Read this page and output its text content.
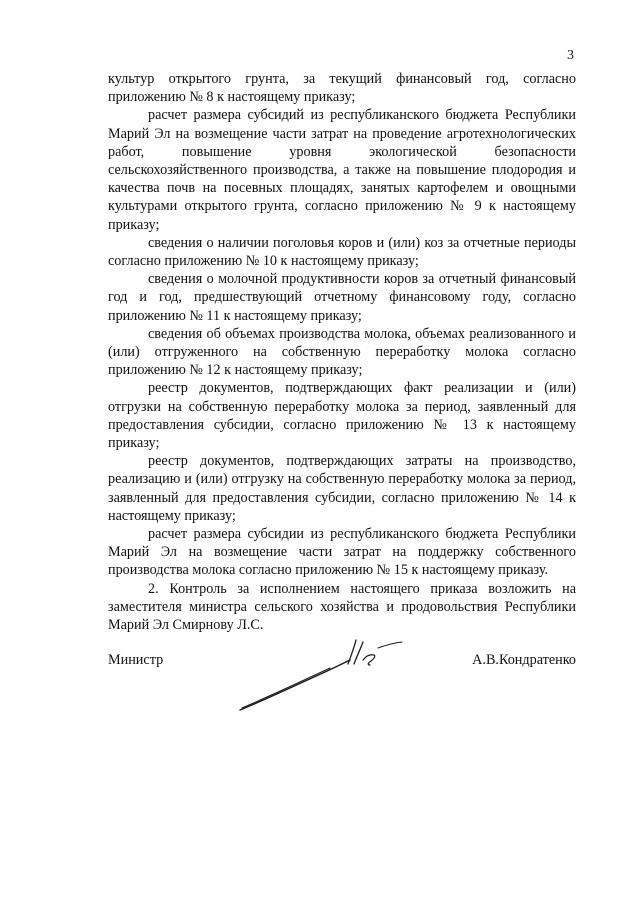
3

культур открытого грунта, за текущий финансовый год, согласно приложению № 8 к настоящему приказу;

расчет размера субсидий из республиканского бюджета Республики Марий Эл на возмещение части затрат на проведение агротехнологических работ, повышение уровня экологической безопасности сельскохозяйственного производства, а также на повышение плодородия и качества почв на посевных площадях, занятых картофелем и овощными культурами открытого грунта, согласно приложению № 9 к настоящему приказу;

сведения о наличии поголовья коров и (или) коз за отчетные периоды согласно приложению № 10 к настоящему приказу;

сведения о молочной продуктивности коров за отчетный финансовый год и год, предшествующий отчетному финансовому году, согласно приложению № 11 к настоящему приказу;

сведения об объемах производства молока, объемах реализованного и (или) отгруженного на собственную переработку молока согласно приложению № 12 к настоящему приказу;

реестр документов, подтверждающих факт реализации и (или) отгрузки на собственную переработку молока за период, заявленный для предоставления субсидии, согласно приложению № 13 к настоящему приказу;

реестр документов, подтверждающих затраты на производство, реализацию и (или) отгрузку на собственную переработку молока за период, заявленный для предоставления субсидии, согласно приложению № 14 к настоящему приказу;

расчет размера субсидии из республиканского бюджета Республики Марий Эл на возмещение части затрат на поддержку собственного производства молока согласно приложению № 15 к настоящему приказу.

2. Контроль за исполнением настоящего приказа возложить на заместителя министра сельского хозяйства и продовольствия Республики Марий Эл Смирнову Л.С.

Министр	А.В.Кондратенко
